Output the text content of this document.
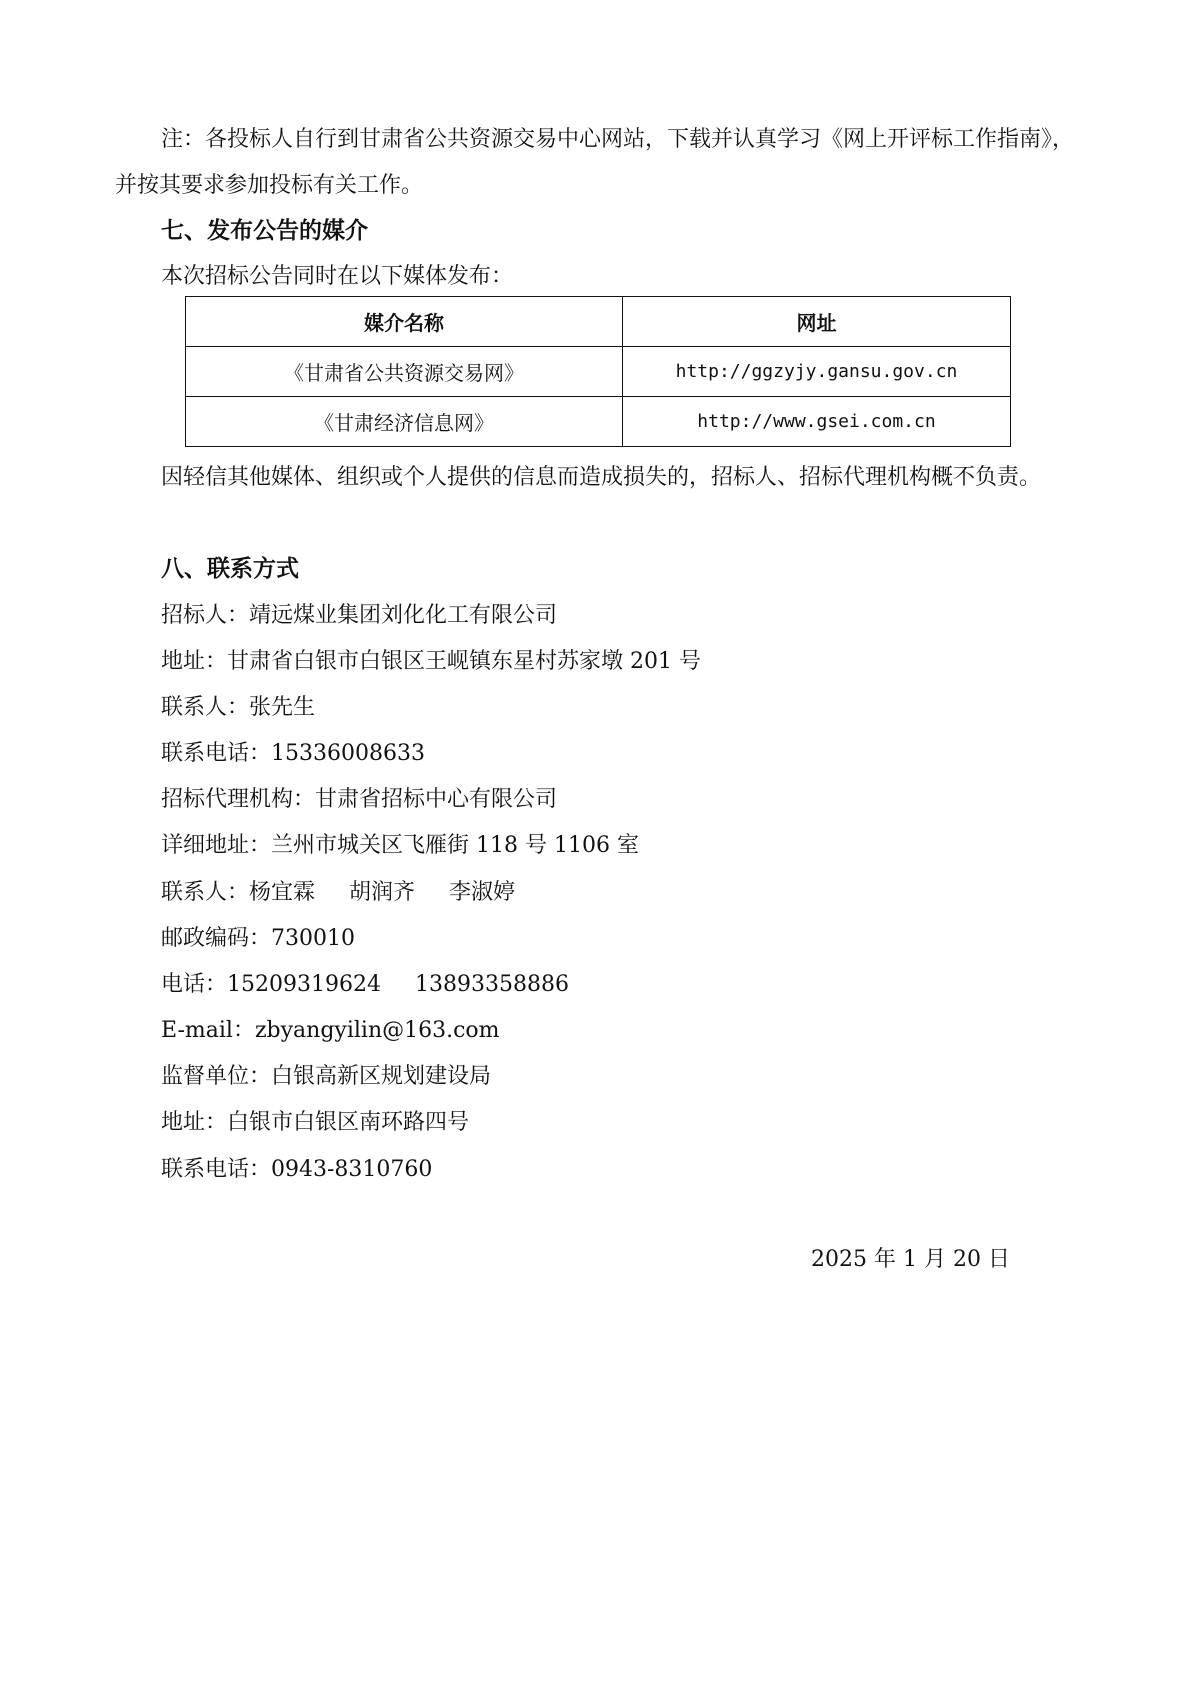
注：各投标人自行到甘肃省公共资源交易中心网站，下载并认真学习《网上开评标工作指南》，并按其要求参加投标有关工作。

七、发布公告的媒介

本次招标公告同时在以下媒体发布：

媒介名称	网址
《甘肃省公共资源交易网》	http://ggzyjy.gansu.gov.cn
《甘肃经济信息网》	http://www.gsei.com.cn

因轻信其他媒体、组织或个人提供的信息而造成损失的，招标人、招标代理机构概不负责。

八、联系方式

招标人：靖远煤业集团刘化化工有限公司

地址：甘肃省白银市白银区王岘镇东星村苏家墩 201 号

联系人：张先生

联系电话：15336008633

招标代理机构：甘肃省招标中心有限公司

详细地址：兰州市城关区飞雁街 118 号 1106 室

联系人：杨宜霖 胡润齐 李淑婷

邮政编码：730010

电话：15209319624 13893358886

E-mail：zbyangyilin@163.com

监督单位：白银高新区规划建设局

地址：白银市白银区南环路四号

联系电话：0943-8310760

2025 年 1 月 20 日
